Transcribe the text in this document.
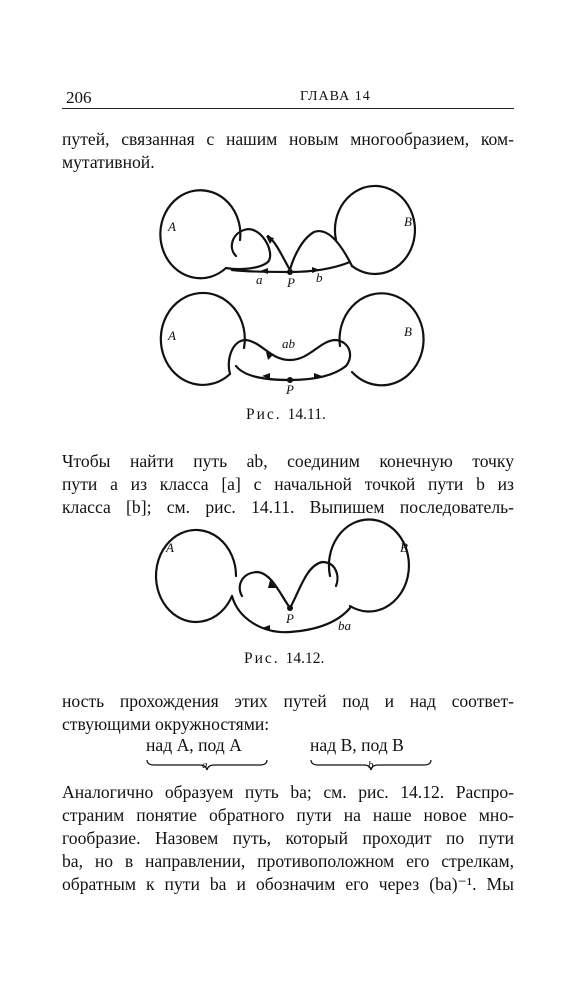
206	ГЛАВА 14

путей, связанная с нашим новым многообразием, ком-
мутативной.

A	B
a	b
P
A	B
ab
P
A	B
P	ba
Рис. 14.11.

Чтобы найти путь ab, соединим конечную точку
пути a из класса [a] с начальной точкой пути b из
класса [b]; см. рис. 14.11. Выпишем последователь-

Рис. 14.12.

ность прохождения этих путей под и над соответ-
ствующими окружностями:

над A, под A
a
над B, под B
b

Аналогично образуем путь ba; см. рис. 14.12. Распро-
страним понятие обратного пути на наше новое мно-
гообразие. Назовем путь, который проходит по пути
ba, но в направлении, противоположном его стрелкам,
обратным к пути ba и обозначим его через (ba)⁻¹. Мы
